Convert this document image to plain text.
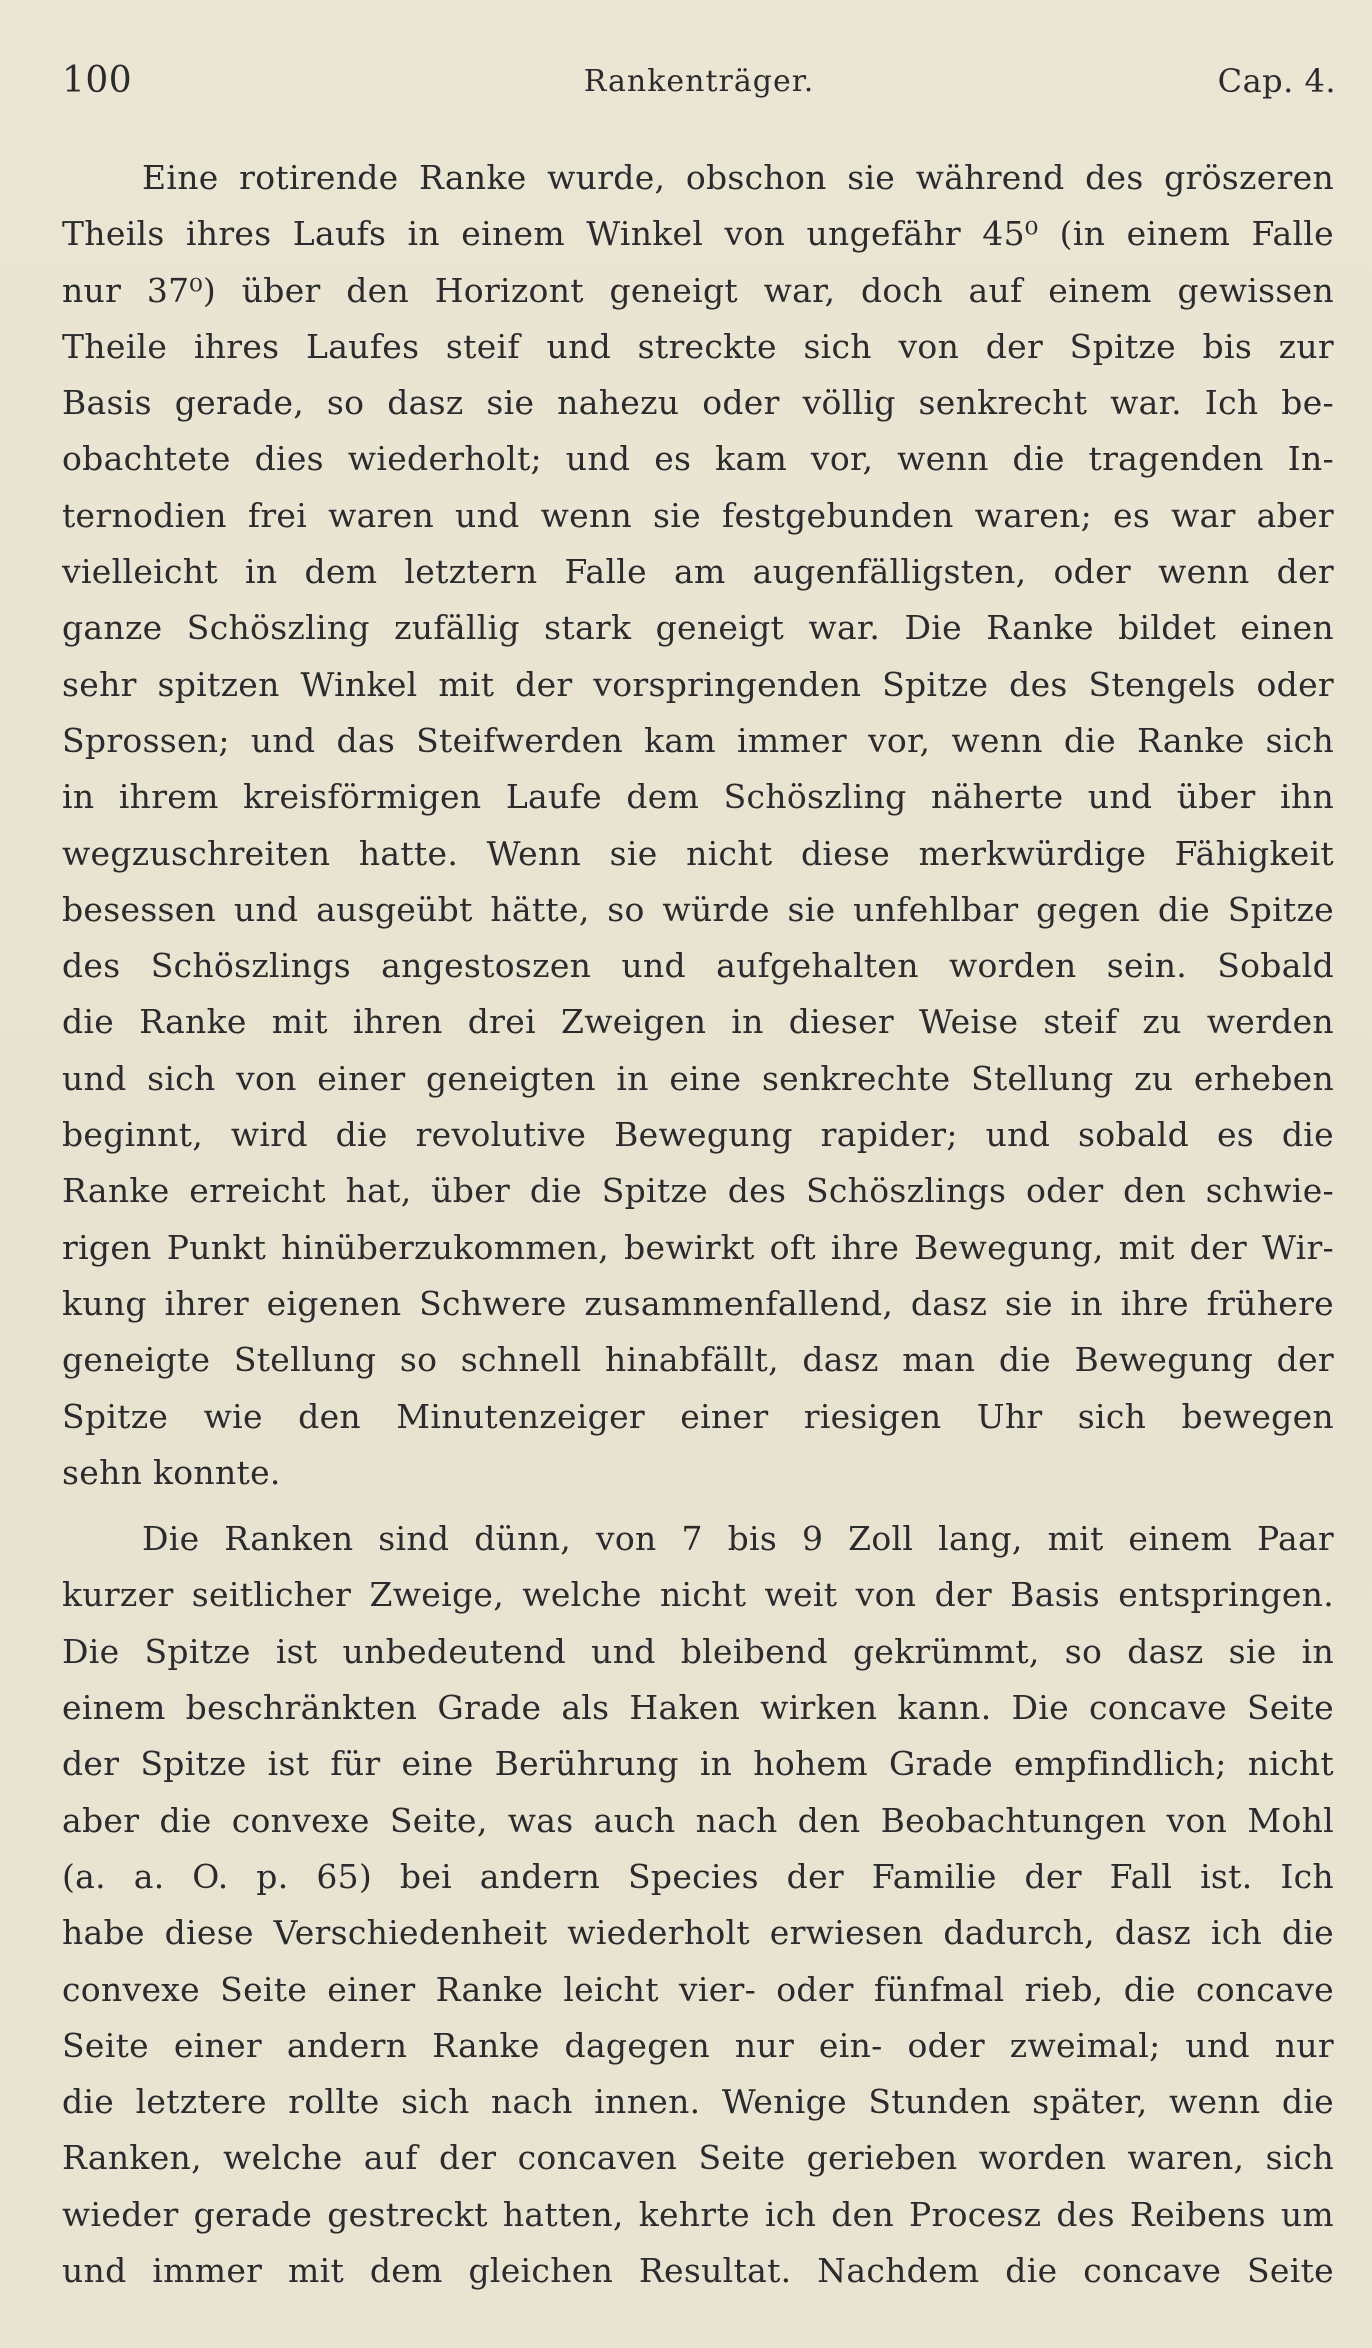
100	Rankenträger.	Cap. 4.
Eine rotirende Ranke wurde, obschon sie während des gröszeren
Theils ihres Laufs in einem Winkel von ungefähr 45⁰ (in einem Falle
nur 37⁰) über den Horizont geneigt war, doch auf einem gewissen
Theile ihres Laufes steif und streckte sich von der Spitze bis zur
Basis gerade, so dasz sie nahezu oder völlig senkrecht war. Ich be-
obachtete dies wiederholt; und es kam vor, wenn die tragenden In-
ternodien frei waren und wenn sie festgebunden waren; es war aber
vielleicht in dem letztern Falle am augenfälligsten, oder wenn der
ganze Schöszling zufällig stark geneigt war. Die Ranke bildet einen
sehr spitzen Winkel mit der vorspringenden Spitze des Stengels oder
Sprossen; und das Steifwerden kam immer vor, wenn die Ranke sich
in ihrem kreisförmigen Laufe dem Schöszling näherte und über ihn
wegzuschreiten hatte. Wenn sie nicht diese merkwürdige Fähigkeit
besessen und ausgeübt hätte, so würde sie unfehlbar gegen die Spitze
des Schöszlings angestoszen und aufgehalten worden sein. Sobald
die Ranke mit ihren drei Zweigen in dieser Weise steif zu werden
und sich von einer geneigten in eine senkrechte Stellung zu erheben
beginnt, wird die revolutive Bewegung rapider; und sobald es die
Ranke erreicht hat, über die Spitze des Schöszlings oder den schwie-
rigen Punkt hinüberzukommen, bewirkt oft ihre Bewegung, mit der Wir-
kung ihrer eigenen Schwere zusammenfallend, dasz sie in ihre frühere
geneigte Stellung so schnell hinabfällt, dasz man die Bewegung der
Spitze wie den Minutenzeiger einer riesigen Uhr sich bewegen
sehn konnte.
Die Ranken sind dünn, von 7 bis 9 Zoll lang, mit einem Paar
kurzer seitlicher Zweige, welche nicht weit von der Basis entspringen.
Die Spitze ist unbedeutend und bleibend gekrümmt, so dasz sie in
einem beschränkten Grade als Haken wirken kann. Die concave Seite
der Spitze ist für eine Berührung in hohem Grade empfindlich; nicht
aber die convexe Seite, was auch nach den Beobachtungen von Mohl
(a. a. O. p. 65) bei andern Species der Familie der Fall ist. Ich
habe diese Verschiedenheit wiederholt erwiesen dadurch, dasz ich die
convexe Seite einer Ranke leicht vier- oder fünfmal rieb, die concave
Seite einer andern Ranke dagegen nur ein- oder zweimal; und nur
die letztere rollte sich nach innen. Wenige Stunden später, wenn die
Ranken, welche auf der concaven Seite gerieben worden waren, sich
wieder gerade gestreckt hatten, kehrte ich den Procesz des Reibens um
und immer mit dem gleichen Resultat. Nachdem die concave Seite
